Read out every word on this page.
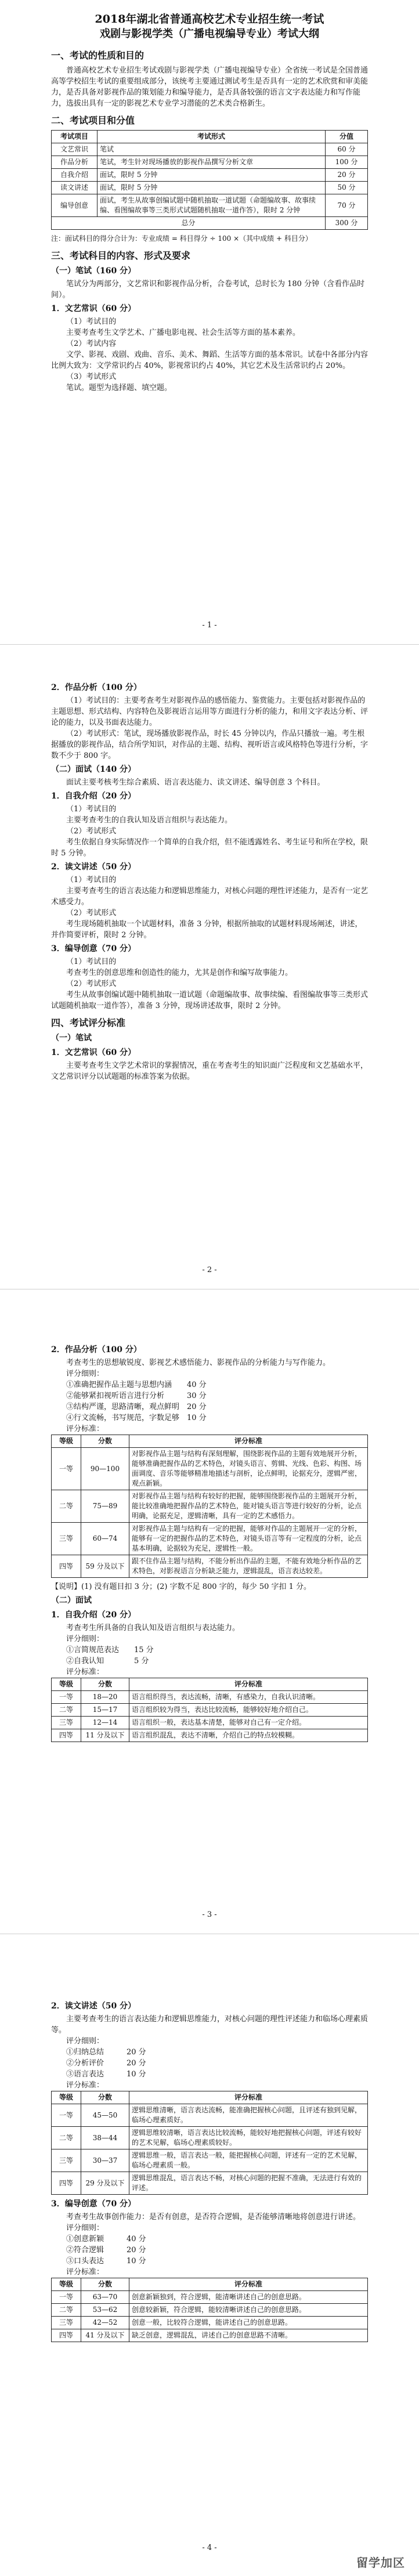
2018年湖北省普通高校艺术专业招生统一考试

戏剧与影视学类（广播电视编导专业）考试大纲

一、考试的性质和目的

普通高校艺术专业招生考试戏剧与影视学类（广播电视编导专业）全省统一考试是全国普通高等学校招生考试的重要组成部分，该统考主要通过测试考生是否具有一定的艺术欣赏和审美能力，是否具备对影视作品的策划能力和编导能力，是否具备较强的语言文字表达能力和写作能力，选拔出具有一定的影视艺术专业学习潜能的艺术类合格新生。

二、考试项目和分值
考试项目	考试形式	分值
文艺常识	笔试	60 分
作品分析	笔试，考生针对现场播放的影视作品撰写分析文章	100 分
自我介绍	面试，限时 5 分钟	20 分
读文讲述	面试，限时 5 分钟	50 分
编导创意	面试，考生从故事创编试题中随机抽取一道试题（命题编故事、故事续编、看图编故事等三类形式试题随机抽取一道作答），限时 2 分钟	70 分
总分		300 分

注：面试科目的得分合计为：专业成绩 = 科目得分 ÷ 100 ×（其中成绩 + 科目分）

三、考试科目的内容、形式及要求
（一）笔试（160 分）

笔试分为两部分，文艺常识和影视作品分析，合卷考试，总时长为 180 分钟（含看作品时间）。

1．文艺常识（60 分）

（1）考试目的

主要考查考生文学艺术、广播电影电视、社会生活等方面的基本素养。

（2）考试内容

文学、影视、戏剧、戏曲、音乐、美术、舞蹈、生活等方面的基本常识。试卷中各部分内容比例大致为：文学常识约占 40%，影视常识约占 40%，其它艺术及生活常识约占 20%。

（3）考试形式

笔试。题型为选择题、填空题。

- 1 -
2．作品分析（100 分）

（1）考试目的：主要考查考生对影视作品的感悟能力、鉴赏能力。主要包括对影视作品的主题思想、形式结构、内容特色及影视语言运用等方面进行分析的能力，和用文字表达分析、评论的能力，以及书面表达能力。

（2）考试形式：笔试，现场播放影视作品，时长 45 分钟以内，作品只播放一遍。考生根据播放的影视作品，结合所学知识，对作品的主题、结构、视听语言或风格特色等进行分析，字数不少于 800 字。

（二）面试（140 分）

面试主要考核考生综合素质、语言表达能力、读文讲述、编导创意 3 个科目。

1．自我介绍（20 分）

（1）考试目的

主要考查考生的自我认知及语言组织与表达能力。

（2）考试形式

考生依据自身实际情况作一个简单的自我介绍，但不能透露姓名、考生证号和所在学校，限时 5 分钟。

2．读文讲述（50 分）

（1）考试目的

主要考查考生的语言表达能力和逻辑思维能力，对核心问题的理性评述能力，是否有一定艺术感受力。

（2）考试形式

考生现场随机抽取一个试题材料，准备 3 分钟，根据所抽取的试题材料现场阐述，讲述，并作简要评析，限时 2 分钟。

3．编导创意（70 分）

（1）考试目的

考查考生的创意思维和创造性的能力，尤其是创作和编写故事能力。

（2）考试形式

考生从故事创编试题中随机抽取一道试题（命题编故事、故事续编、看图编故事等三类形式试题随机抽取一道作答），准备 3 分钟，现场讲述故事，限时 2 分钟。

四、考试评分标准
（一）笔试
1．文艺常识（60 分）

主要考查考生文学艺术常识的掌握情况，重在考查考生的知识面广泛程度和文艺基础水平，文艺常识评分以试题题的标准答案为依据。

- 2 -
2．作品分析（100 分）

考查考生的思想敏锐度、影视艺术感悟能力、影视作品的分析能力与写作能力。

评分细则：

①准确把握作品主题与思想内涵　　40 分

②能够紧扣视听语言进行分析　　　30 分

③结构严谨，思路清晰，观点鲜明　20 分

④行文流畅，书写规范，字数足够　10 分

评分标准：

等级	分数	评分标准
一等	90—100	对影视作品主题与结构有深刻理解，围绕影视作品的主题有效地展开分析，能够准确把握作品的艺术特色，对镜头语言、剪辑、光线、色彩、构图、场面调度、音乐等能够精准地描述与剖析，论点鲜明，论据充分，逻辑严密，观点新颖。
二等	75—89	对影视作品主题与结构有较好的把握，能够围绕影视作品的主题展开分析，能比较准确地把握作品的艺术特色，能对镜头语言等进行较好的分析，论点明确，论据充足，逻辑清晰，具有一定的艺术感悟力。
三等	60—74	对影视作品主题与结构有一定的把握，能够对作品的主题展开一定的分析，能够有一定的把握作品的艺术特色，对镜头语言等有一定程度的分析，论点基本明确，论据较为充足，逻辑性一般。
四等	59 分及以下	跟不住作品主题与结构，不能分析出作品的主题，不能有效地分析作品的艺术特色，对影视语言分析缺乏能力，逻辑混乱，语言表达较差。

【说明】(1) 没有题目扣 3 分；(2) 字数不足 800 字的，每少 50 字扣 1 分。

（二）面试
1．自我介绍（20 分）

考查考生所具备的自我认知及语言组织与表达能力。

评分细则：

①言简规范表达　　15 分

②自我认知　　　　5 分

评分标准：

等级	分数	评分标准
一等	18—20	语言组织得当，表达流畅，清晰，有感染力，自我认识清晰。
二等	15—17	语言组织较为得当，表达比较流畅，能够较好地介绍自己。
三等	12—14	语言组织一般，表达基本清楚，能够对自己有一定介绍。
四等	11 分及以下	语言组织混乱，表达不清晰，介绍自己的特点较模糊。
- 3 -
2．读文讲述（50 分）

主要考查考生的语言表达能力和逻辑思维能力，对核心问题的理性评述能力和临场心理素质等。

评分细则：

①归纳总结　　　20 分

②分析评价　　　20 分

③语言表达　　　10 分

评分标准：

等级	分数	评分标准
一等	45—50	逻辑思维清晰，语言表达流畅，能准确把握核心问题，且评述有独到见解，临场心理素质好。
二等	38—44	逻辑思维较清晰，语言表达比较流畅，能较好地把握核心问题，评述有较好的艺术见解，临场心理素质较好。
三等	30—37	逻辑思维一般，语言表达一般，能把握核心问题，评述有一定的艺术见解，临场心理素质一般。
四等	29 分及以下	逻辑思维混乱，语言表达不畅，对核心问题的把握不准确，无法进行有效的评述。
3．编导创意（70 分）

考查考生故事创作能力：是否有创意，是否符合逻辑，是否能够清晰地将创意进行讲述。

评分细则：

①创意新颖　　　40 分

②符合逻辑　　　20 分

③口头表达　　　10 分

评分标准：

等级	分数	评分标准
一等	63—70	创意新颖独到，符合逻辑，能清晰讲述自己的创意思路。
二等	53—62	创意较新颖，符合逻辑，能较清晰讲述自己的创意思路。
三等	42—52	创意一般，比较符合逻辑，能讲述自己的创意思路。
四等	41 分及以下	缺乏创意，逻辑混乱，讲述自己的创意思路不清晰。
- 4 -
留学加区
